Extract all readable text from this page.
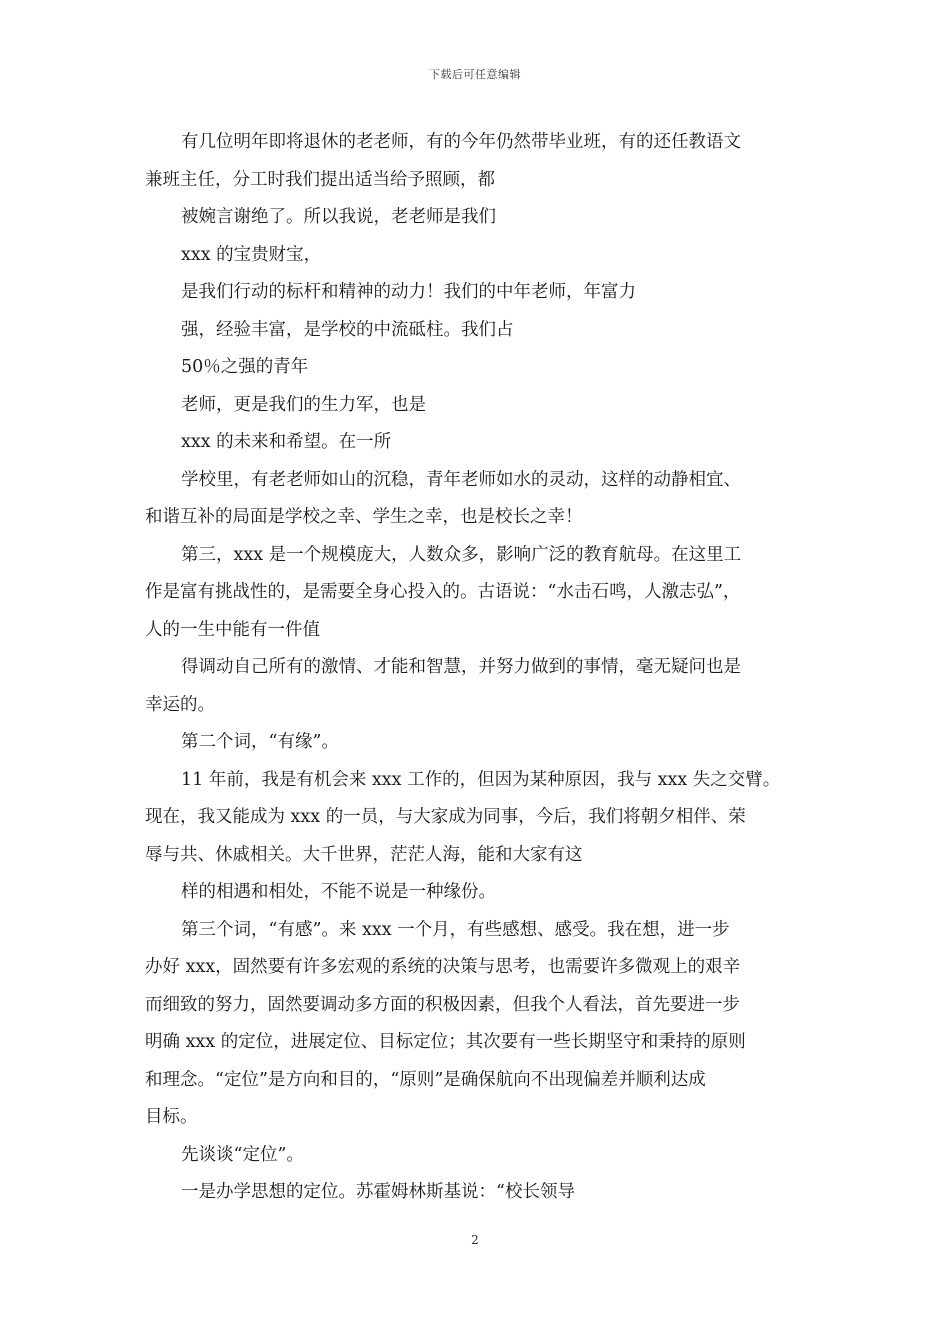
下载后可任意编辑
有几位明年即将退休的老老师，有的今年仍然带毕业班，有的还任教语文
兼班主任，分工时我们提出适当给予照顾，都
被婉言谢绝了。所以我说，老老师是我们
xxx 的宝贵财宝，
是我们行动的标杆和精神的动力！我们的中年老师，年富力
强，经验丰富，是学校的中流砥柱。我们占
50％之强的青年
老师，更是我们的生力军，也是
xxx 的未来和希望。在一所
学校里，有老老师如山的沉稳，青年老师如水的灵动，这样的动静相宜、
和谐互补的局面是学校之幸、学生之幸，也是校长之幸！
第三，xxx 是一个规模庞大，人数众多，影响广泛的教育航母。在这里工
作是富有挑战性的，是需要全身心投入的。古语说：“水击石鸣，人激志弘”，
人的一生中能有一件值
得调动自己所有的激情、才能和智慧，并努力做到的事情，毫无疑问也是
幸运的。
第二个词，“有缘”。
11 年前，我是有机会来 xxx 工作的，但因为某种原因，我与 xxx 失之交臂。
现在，我又能成为 xxx 的一员，与大家成为同事，今后，我们将朝夕相伴、荣
辱与共、休戚相关。大千世界，茫茫人海，能和大家有这
样的相遇和相处，不能不说是一种缘份。
第三个词，“有感”。来 xxx 一个月，有些感想、感受。我在想，进一步
办好 xxx，固然要有许多宏观的系统的决策与思考，也需要许多微观上的艰辛
而细致的努力，固然要调动多方面的积极因素，但我个人看法，首先要进一步
明确 xxx 的定位，进展定位、目标定位；其次要有一些长期坚守和秉持的原则
和理念。“定位”是方向和目的，“原则”是确保航向不出现偏差并顺利达成
目标。
先谈谈“定位”。
一是办学思想的定位。苏霍姆林斯基说：“校长领导
2
